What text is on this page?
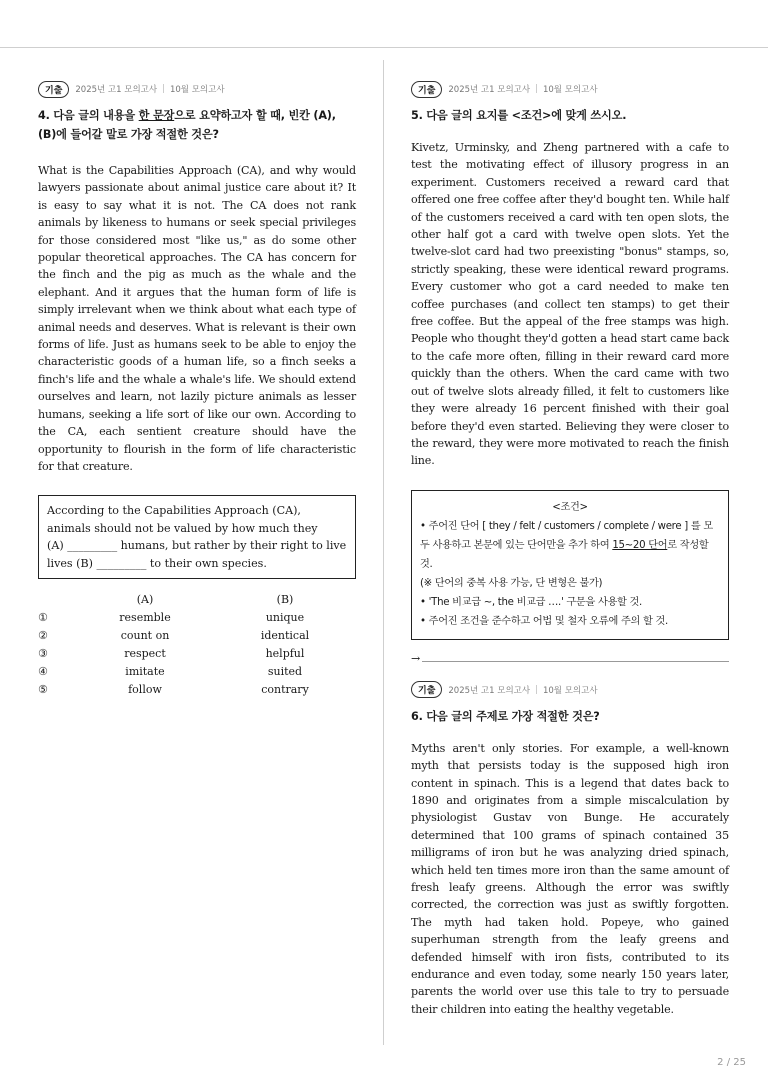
기출	2025년 고1 모의고사 | 10월 모의고사
4. 다음 글의 내용을 한 문장으로 요약하고자 할 때, 빈칸 (A), (B)에 들어갈 말로 가장 적절한 것은?

What is the Capabilities Approach (CA), and why would lawyers passionate about animal justice care about it? It is easy to say what it is not. The CA does not rank animals by likeness to humans or seek special privileges for those considered most "like us," as do some other popular theoretical approaches. The CA has concern for the finch and the pig as much as the whale and the elephant. And it argues that the human form of life is simply irrelevant when we think about what each type of animal needs and deserves. What is relevant is their own forms of life. Just as humans seek to be able to enjoy the characteristic goods of a human life, so a finch seeks a finch's life and the whale a whale's life. We should extend ourselves and learn, not lazily picture animals as lesser humans, seeking a life sort of like our own. According to the CA, each sentient creature should have the opportunity to flourish in the form of life characteristic for that creature.

According to the Capabilities Approach (CA), animals should not be valued by how much they
(A) _________ humans, but rather by their right to live lives (B) _________ to their own species.
(A)	(B)
①	resemble	unique
②	count on	identical
③	respect	helpful
④	imitate	suited
⑤	follow	contrary
기출	2025년 고1 모의고사 | 10월 모의고사
5. 다음 글의 요지를 <조건>에 맞게 쓰시오.

Kivetz, Urminsky, and Zheng partnered with a cafe to test the motivating effect of illusory progress in an experiment. Customers received a reward card that offered one free coffee after they'd bought ten. While half of the customers received a card with ten open slots, the other half got a card with twelve open slots. Yet the twelve-slot card had two preexisting "bonus" stamps, so, strictly speaking, these were identical reward programs. Every customer who got a card needed to make ten coffee purchases (and collect ten stamps) to get their free coffee. But the appeal of the free stamps was high. People who thought they'd gotten a head start came back to the cafe more often, filling in their reward card more quickly than the others. When the card came with two out of twelve slots already filled, it felt to customers like they were already 16 percent finished with their goal before they'd even started. Believing they were closer to the reward, they were more motivated to reach the finish line.

<조건>
• 주어진 단어 [ they / felt / customers / complete / were ] 를 모두 사용하고 본문에 있는 단어만을 추가 하여 15~20 단어로 작성할 것.
(※ 단어의 중복 사용 가능, 단 변형은 불가)
• 'The 비교급 ~, the 비교급 ….' 구문을 사용할 것.
• 주어진 조건을 준수하고 어법 및 철자 오류에 주의 할 것.
→
기출	2025년 고1 모의고사 | 10월 모의고사
6. 다음 글의 주제로 가장 적절한 것은?

Myths aren't only stories. For example, a well-known myth that persists today is the supposed high iron content in spinach. This is a legend that dates back to 1890 and originates from a simple miscalculation by physiologist Gustav von Bunge. He accurately determined that 100 grams of spinach contained 35 milligrams of iron but he was analyzing dried spinach, which held ten times more iron than the same amount of fresh leafy greens. Although the error was swiftly corrected, the correction was just as swiftly forgotten. The myth had taken hold. Popeye, who gained superhuman strength from the leafy greens and defended himself with iron fists, contributed to its endurance and even today, some nearly 150 years later, parents the world over use this tale to try to persuade their children into eating the healthy vegetable.

2 / 25
